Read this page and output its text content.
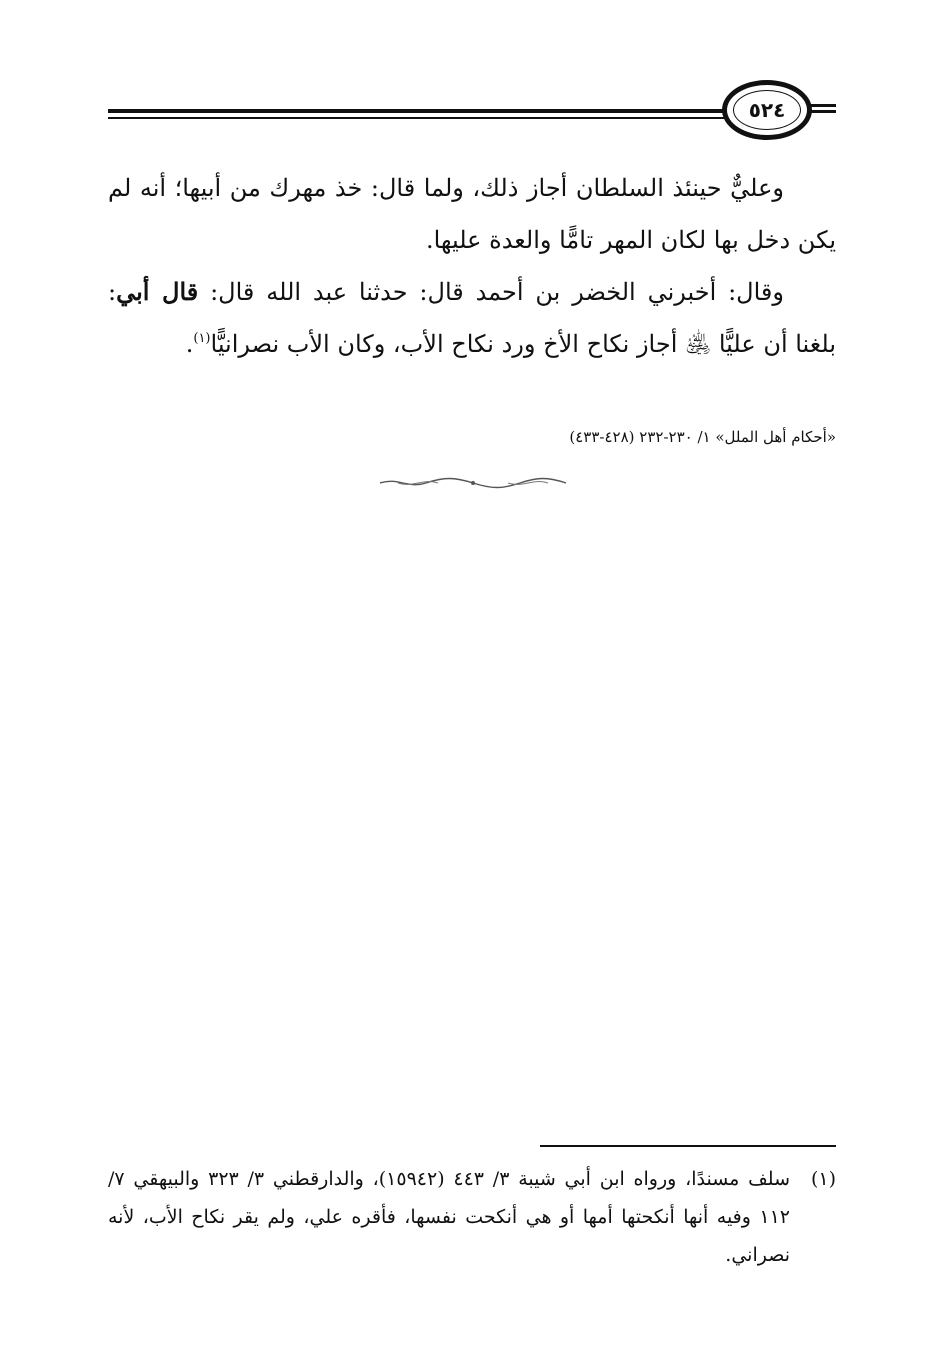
٥٢٤

وعليٌّ حينئذ السلطان أجاز ذلك، ولما قال: خذ مهرك من أبيها؛ أنه لم يكن دخل بها لكان المهر تامًّا والعدة عليها.

وقال: أخبرني الخضر بن أحمد قال: حدثنا عبد الله قال: قال أبي: بلغنا أن عليًّا ﵁ أجاز نكاح الأخ ورد نكاح الأب، وكان الأب نصرانيًّا$^{(١)}$.

«أحكام أهل الملل» ١/ ٢٣٠-٢٣٢ (٤٢٨-٤٣٣)
(١)
سلف مسندًا، ورواه ابن أبي شيبة ٣/ ٤٤٣ (١٥٩٤٢)، والدارقطني ٣/ ٣٢٣ والبيهقي ٧/ ١١٢ وفيه أنها أنكحتها أمها أو هي أنكحت نفسها، فأقره علي، ولم يقر نكاح الأب، لأنه نصراني.
